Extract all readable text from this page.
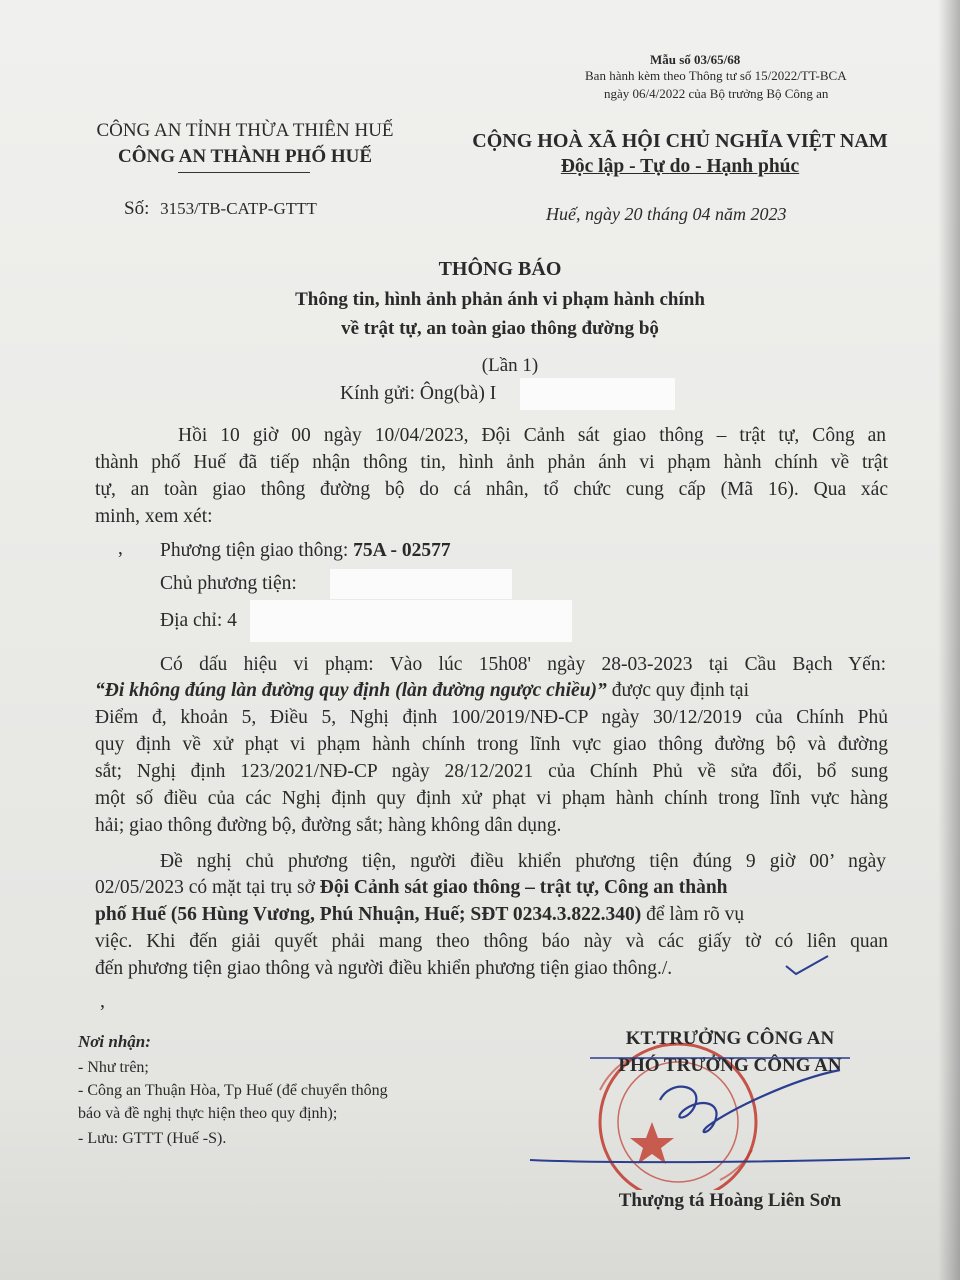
Mẫu số 03/65/68
Ban hành kèm theo Thông tư số 15/2022/TT-BCA
ngày 06/4/2022 của Bộ trưởng Bộ Công an
CÔNG AN TỈNH THỪA THIÊN HUẾ
CÔNG AN THÀNH PHỐ HUẾ
Số: 3153/TB-CATP-GTTT
CỘNG HOÀ XÃ HỘI CHỦ NGHĨA VIỆT NAM
Độc lập - Tự do - Hạnh phúc
Huế, ngày 20 tháng 04 năm 2023
THÔNG BÁO
Thông tin, hình ảnh phản ánh vi phạm hành chính
về trật tự, an toàn giao thông đường bộ
(Lần 1)
Kính gửi: Ông(bà) I
Hồi 10 giờ 00 ngày 10/04/2023, Đội Cảnh sát giao thông – trật tự, Công an
thành phố Huế đã tiếp nhận thông tin, hình ảnh phản ánh vi phạm hành chính về trật
tự, an toàn giao thông đường bộ do cá nhân, tổ chức cung cấp (Mã 16). Qua xác
minh, xem xét:
, Phương tiện giao thông: 75A - 02577
Chủ phương tiện:
Địa chỉ: 4
Có dấu hiệu vi phạm: Vào lúc 15h08' ngày 28-03-2023 tại Cầu Bạch Yến:
“Đi không đúng làn đường quy định (làn đường ngược chiều)” được quy định tại
Điểm đ, khoản 5, Điều 5, Nghị định 100/2019/NĐ-CP ngày 30/12/2019 của Chính Phủ
quy định về xử phạt vi phạm hành chính trong lĩnh vực giao thông đường bộ và đường
sắt; Nghị định 123/2021/NĐ-CP ngày 28/12/2021 của Chính Phủ về sửa đổi, bổ sung
một số điều của các Nghị định quy định xử phạt vi phạm hành chính trong lĩnh vực hàng
hải; giao thông đường bộ, đường sắt; hàng không dân dụng.
Đề nghị chủ phương tiện, người điều khiển phương tiện đúng 9 giờ 00’ ngày
02/05/2023 có mặt tại trụ sở Đội Cảnh sát giao thông – trật tự, Công an thành
phố Huế (56 Hùng Vương, Phú Nhuận, Huế; SĐT 0234.3.822.340) để làm rõ vụ
việc. Khi đến giải quyết phải mang theo thông báo này và các giấy tờ có liên quan
đến phương tiện giao thông và người điều khiển phương tiện giao thông./.
,
Nơi nhận:
- Như trên;
- Công an Thuận Hòa, Tp Huế (để chuyển thông
báo và đề nghị thực hiện theo quy định);
- Lưu: GTTT (Huế -S).
KT.TRƯỞNG CÔNG AN
PHÓ TRƯỞNG CÔNG AN
Thượng tá Hoàng Liên Sơn
